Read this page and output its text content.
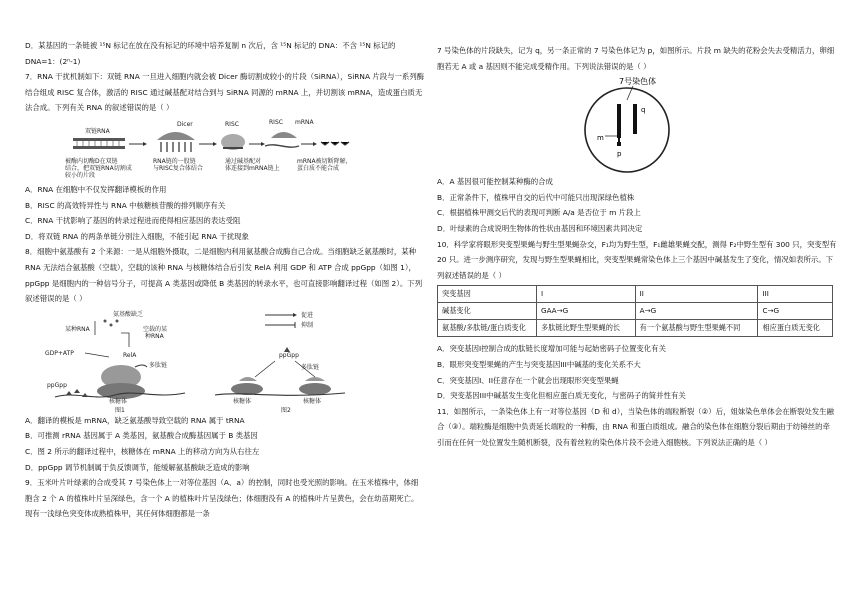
D．某基因的一条链被 ¹⁵N 标记在放在没有标记的环境中培养复制 n 次后，含 ¹⁵N 标记的 DNA：不含 ¹⁵N 标记的 DNA=1：(2ⁿ-1)

7．RNA 干扰机制如下：双链 RNA 一旦进入细胞内就会被 Dicer 酶切割成较小的片段（SiRNA），SiRNA 片段与一系列酶结合组成 RISC 复合体，激活的 RISC 通过碱基配对结合到与 SiRNA 同源的 mRNA 上，并切割该 mRNA，造成蛋白质无法合成。下列有关 RNA 的叙述错误的是（ ）

双链RNA
Dicer	RISC	RISC mRNA
被酶内切酶D在双链
结合，把双链RNA切割成
较小的片段
RNA链的一股链
与RISC复合体结合
通过碱基配对
体连接到mRNA链上
mRNA被切断降解，
蛋白质不能合成

A．RNA 在细胞中不仅发挥翻译模板的作用

B．RISC 的高效特异性与 RNA 中核糖核苷酸的排列顺序有关

C．RNA 干扰影响了基因的转录过程进而使得相应基因的表达受阻

D．将双链 RNA 的两条单链分别注入细胞，不能引起 RNA 干扰现象

8．细胞中氨基酸有 2 个来源：一是从细胞外摄取，二是细胞内利用氨基酸合成酶自己合成。当细胞缺乏氨基酸时，某种 RNA 无法结合氨基酸（空载），空载的该种 RNA 与核糖体结合后引发 RelA 利用 GDP 和 ATP 合成 ppGpp（如图 1），ppGpp 是细胞内的一种信号分子，可提高 A 类基因或降低 B 类基因的转录水平，也可直接影响翻译过程（如图 2）。下列叙述错误的是（ ）

氨基酸缺乏
某种RNA	空载的某
种RNA
GDP+ATP	RelA
多肽链
核糖体
ppGpp
图1
促进
抑制
ppGpp
多肽链
核糖体	核糖体
图2

A．翻译的模板是 mRNA，缺乏氨基酸导致空载的 RNA 属于 tRNA

B．可推测 rRNA 基因属于 A 类基因，氨基酸合成酶基因属于 B 类基因

C．图 2 所示的翻译过程中，核糖体在 mRNA 上的移动方向为从右往左

D．ppGpp 调节机制属于负反馈调节，能缓解氨基酸缺乏造成的影响

9．玉米叶片叶绿素的合成受其 7 号染色体上一对等位基因（A、a）的控制，同时也受光照的影响。在玉米植株中，体细胞含 2 个 A 的植株叶片呈深绿色，含一个 A 的植株叶片呈浅绿色；体细胞没有 A 的植株叶片呈黄色，会在幼苗期死亡。现有一浅绿色突变体成熟植株甲，其任何体细胞都是一条

7 号染色体的片段缺失，记为 q，另一条正常的 7 号染色体记为 p，如图所示。片段 m 缺失的花粉会失去受精活力，卵细胞若无 A 或 a 基因则不能完成受精作用。下列说法错误的是（ ）

7号染色体
m
p
q

A．A 基因很可能控制某种酶的合成

B．正常条件下，植株甲自交的后代中可能只出现深绿色植株

C．根据植株甲测交后代的表现可判断 A/a 是否位于 m 片段上

D．叶绿素的合成说明生物体的性状由基因和环境因素共同决定

10．科学家将眼形突变型果蝇与野生型果蝇杂交，F₁均为野生型，F₁雌雄果蝇交配，测得 F₂中野生型有 300 只，突变型有 20 只。进一步测序研究，发现与野生型果蝇相比，突变型果蝇常染色体上三个基因中碱基发生了变化，情况如表所示。下列叙述错误的是（ ）

突变基因	I	II	III
碱基变化	GAA→G	A→G	C→G
氨基酸/多肽链/蛋白质变化	多肽链比野生型果蝇的长	有一个氨基酸与野生型果蝇不同	相应蛋白质无变化

A．突变基因I控制合成的肽链长度增加可能与起始密码子位置变化有关

B．眼形突变型果蝇的产生与突变基因III中碱基的变化关系不大

C．突变基因I、II任意存在一个就会出现眼形突变型果蝇

D．突变基因III中碱基发生变化但相应蛋白质无变化，与密码子的简并性有关

11．如图所示，一条染色体上有一对等位基因（D 和 d），当染色体的端粒断裂（②）后，姐妹染色单体会在断裂处发生融合（③）。端粒酶是细胞中负责延长端粒的一种酶，由 RNA 和蛋白质组成。融合的染色体在细胞分裂后期由于纺锤丝的牵引而在任何一处位置发生随机断裂，没有着丝粒的染色体片段不会进入细胞核。下列说法正确的是（ ）
